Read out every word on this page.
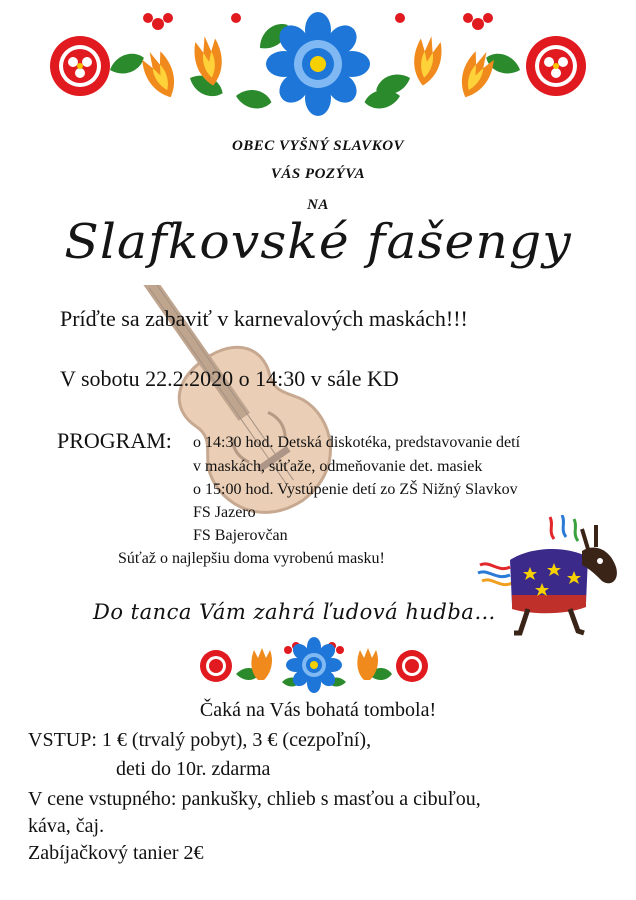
OBEC VYŠNÝ SLAVKOV
VÁS POZÝVA
NA
Slafkovské fašengy
Príďte sa zabaviť v karnevalových maskách!!!
V sobotu 22.2.2020 o 14:30 v sále KD
PROGRAM: o 14:30 hod. Detská diskotéka, predstavovanie detí
v maskách, súťaže, odmeňovanie det. masiek
o 15:00 hod. Vystúpenie detí zo ZŠ Nižný Slavkov
FS Jazero
FS Bajerovčan
Súťaž o najlepšiu doma vyrobenú masku!
Do tanca Vám zahrá ľudová hudba…
Čaká na Vás bohatá tombola!
VSTUP: 1 € (trvalý pobyt), 3 € (cezpoľní),
deti do 10r. zdarma
V cene vstupného: pankušky, chlieb s masťou a cibuľou,
káva, čaj.
Zabíjačkový tanier 2€
